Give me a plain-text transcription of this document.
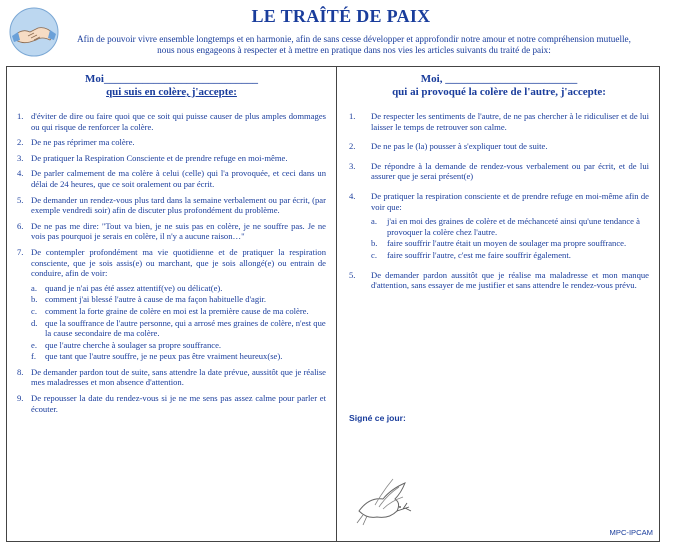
LE TRAÎTÉ DE PAIX
Afin de pouvoir vivre ensemble longtemps et en harmonie, afin de sans cesse développer et approfondir notre amour et notre compréhension mutuelle,
nous nous engageons à respecter et à mettre en pratique dans nos vies les articles suivants du traité de paix:
Moi____________________________
qui suis en colère, j'accepte:
1. d'éviter de dire ou faire quoi que ce soit qui puisse causer de plus amples dommages ou qui risque de renforcer la colère.
2. De ne pas réprimer ma colère.
3. De pratiquer la Respiration Consciente et de prendre refuge en moi-même.
4. De parler calmement de ma colère à celui (celle) qui l'a provoquée, et ceci dans un délai de 24 heures, que ce soit oralement ou par écrit.
5. De demander un rendez-vous plus tard dans la semaine verbalement ou par écrit, (par exemple vendredi soir) afin de discuter plus profondément du problème.
6. De ne pas me dire: "Tout va bien, je ne suis pas en colère, je ne souffre pas. Je ne vois pas pourquoi je serais en colère, il n'y a aucune raison…"
7. De contempler profondément ma vie quotidienne et de pratiquer la respiration consciente, que je sois assis(e) ou marchant, que je sois allongé(e) ou entrain de conduire, afin de voir:
a. quand je n'ai pas été assez attentif(ve) ou délicat(e).
b. comment j'ai blessé l'autre à cause de ma façon habituelle d'agir.
c. comment la forte graine de colère en moi est la première cause de ma colère.
d. que la souffrance de l'autre personne, qui a arrosé mes graines de colère, n'est que la cause secondaire de ma colère.
e. que l'autre cherche à soulager sa propre souffrance.
f. que tant que l'autre souffre, je ne peux pas être vraiment heureux(se).
8. De demander pardon tout de suite, sans attendre la date prévue, aussitôt que je réalise mes maladresses et mon absence d'attention.
9. De repousser la date du rendez-vous si je ne me sens pas assez calme pour parler et écouter.
Moi, ________________________
qui ai provoqué la colère de l'autre, j'accepte:
1. De respecter les sentiments de l'autre, de ne pas chercher à le ridiculiser et de lui laisser le temps de retrouver son calme.
2. De ne pas le (la) pousser à s'expliquer tout de suite.
3. De répondre à la demande de rendez-vous verbalement ou par écrit, et de lui assurer que je serai présent(e)
4. De pratiquer la respiration consciente et de prendre refuge en moi-même afin de voir que:
a. j'ai en moi des graines de colère et de méchanceté ainsi qu'une tendance à provoquer la colère chez l'autre.
b. faire souffrir l'autre était un moyen de soulager ma propre souffrance.
c. faire souffrir l'autre, c'est me faire souffrir également.
5. De demander pardon aussitôt que je réalise ma maladresse et mon manque d'attention, sans essayer de me justifier et sans attendre le rendez-vous prévu.
Signé ce jour:
MPC-IPCAM
